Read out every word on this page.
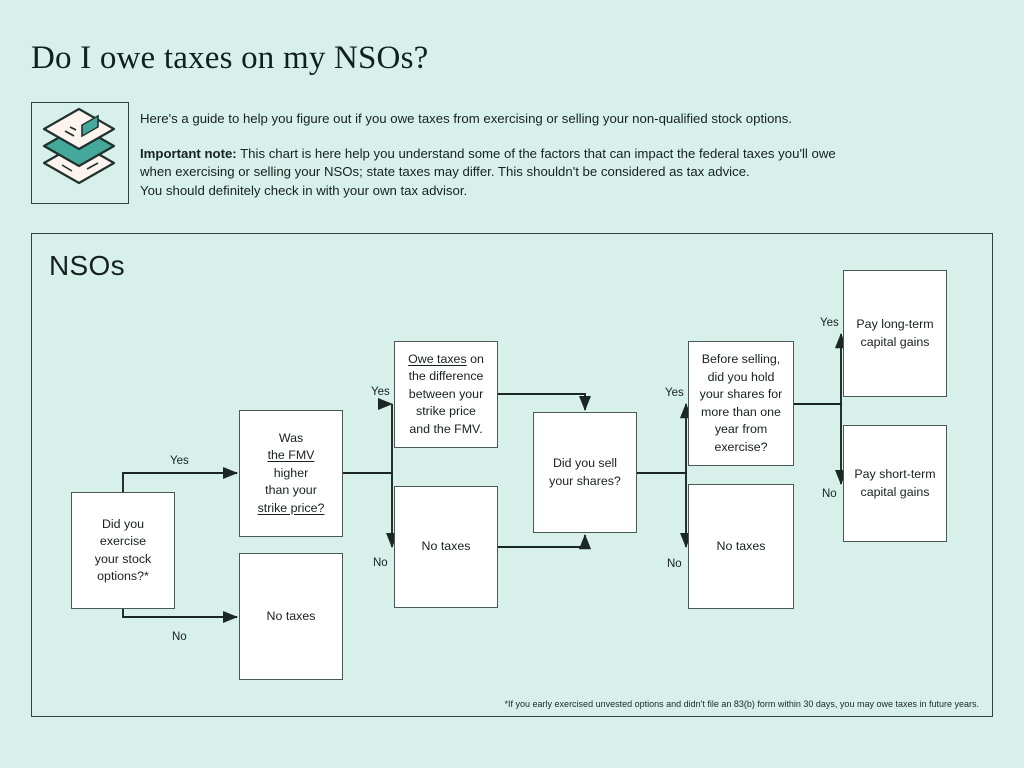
Do I owe taxes on my NSOs?
Here's a guide to help you figure out if you owe taxes from exercising or selling your non-qualified stock options.
Important note: This chart is here help you understand some of the factors that can impact the federal taxes you'll owe
when exercising or selling your NSOs; state taxes may differ. This shouldn't be considered as tax advice.
You should definitely check in with your own tax advisor.
NSOs
*If you early exercised unvested options and didn't file an 83(b) form within 30 days, you may owe taxes in future years.
Did you
exercise
your stock
options?*
Was
the FMV
higher
than your
strike price?
No taxes
Owe taxes on
the difference
between your
strike price
and the FMV.
No taxes
Did you sell
your shares?
Before selling,
did you hold
your shares for
more than one
year from
exercise?
No taxes
Pay long-term
capital gains
Pay short-term
capital gains
Yes
No
Yes
No
Yes
No
Yes
No
